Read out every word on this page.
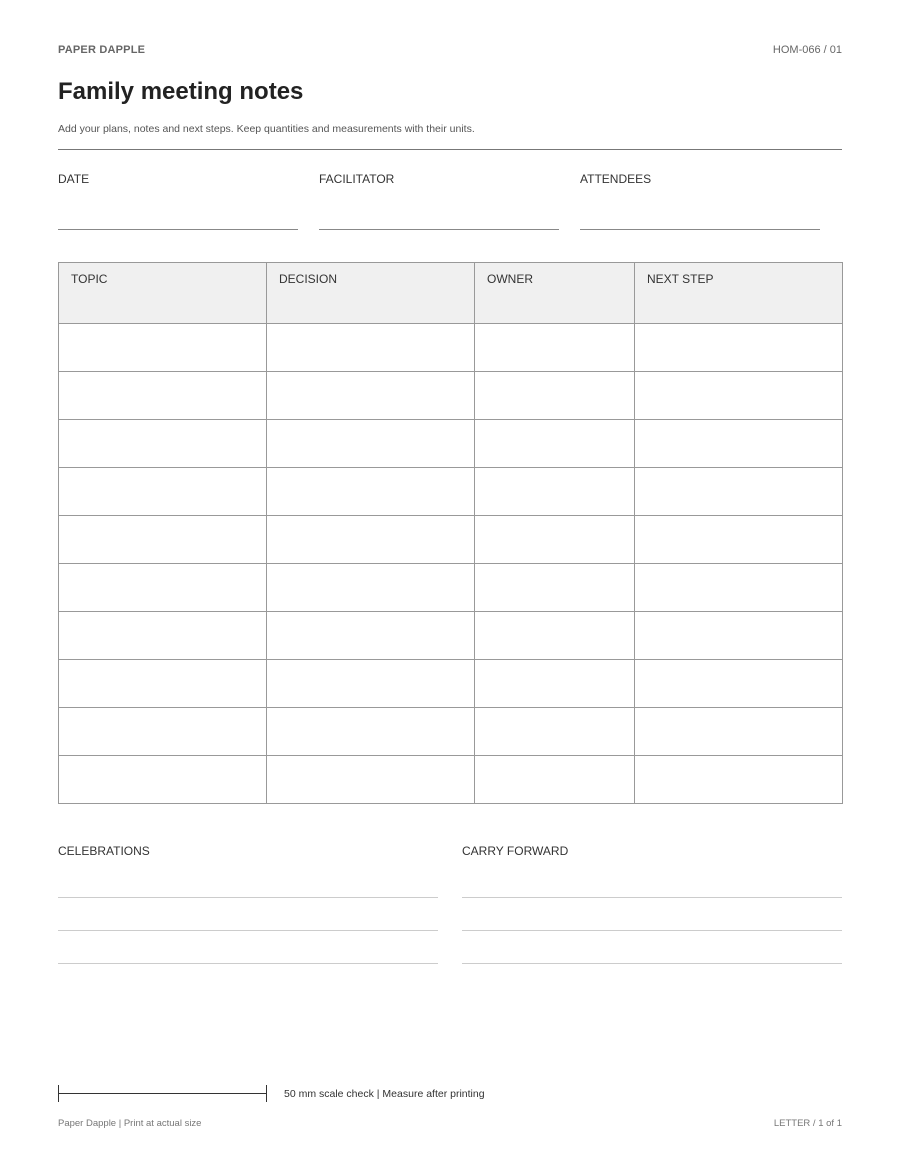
PAPER DAPPLE	HOM-066 / 01
Family meeting notes
Add your plans, notes and next steps. Keep quantities and measurements with their units.
DATE	FACILITATOR	ATTENDEES
TOPIC	DECISION	OWNER	NEXT STEP

CELEBRATIONS	CARRY FORWARD
50 mm scale check | Measure after printing
Paper Dapple | Print at actual size	LETTER / 1 of 1
